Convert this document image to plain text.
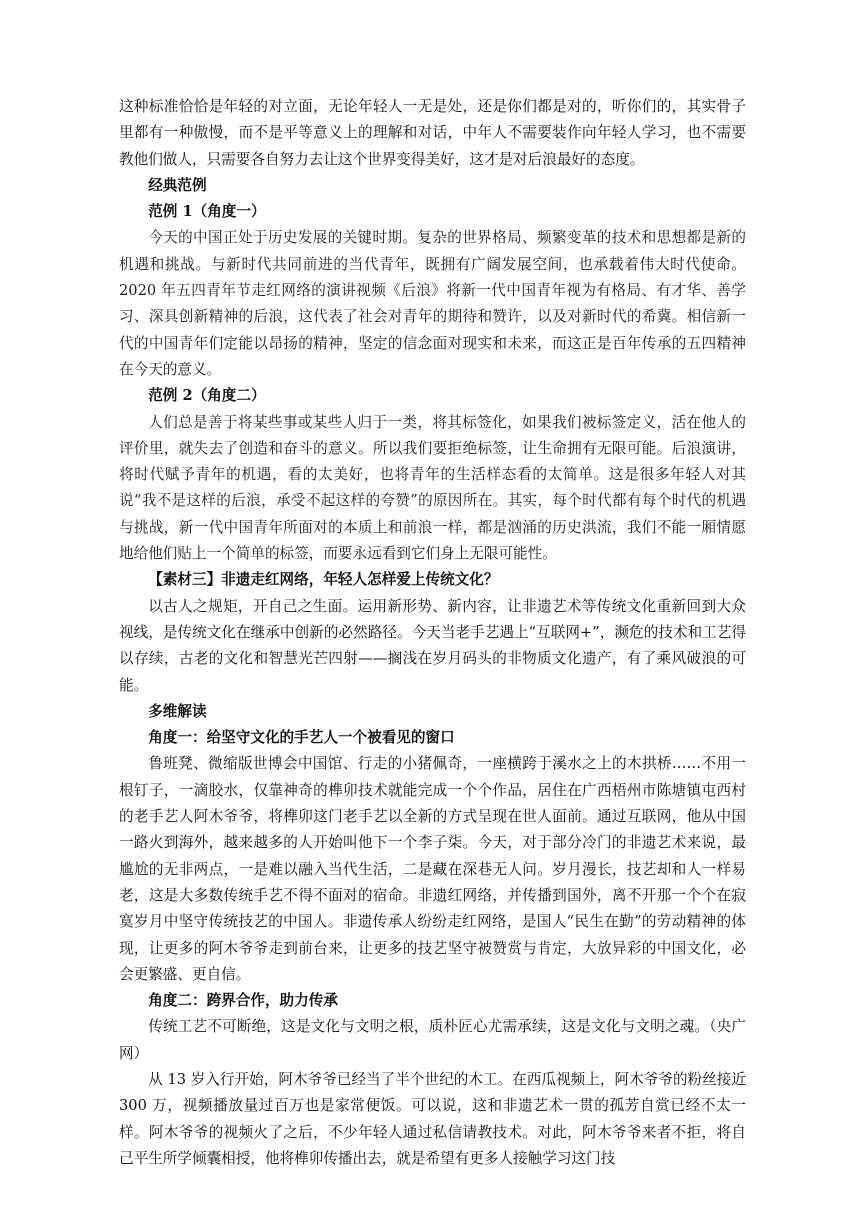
这种标准恰恰是年轻的对立面，无论年轻人一无是处，还是你们都是对的，听你们的，其实骨子里都有一种傲慢，而不是平等意义上的理解和对话，中年人不需要装作向年轻人学习，也不需要教他们做人，只需要各自努力去让这个世界变得美好，这才是对后浪最好的态度。

经典范例

范例 1（角度一）

今天的中国正处于历史发展的关键时期。复杂的世界格局、频繁变革的技术和思想都是新的机遇和挑战。与新时代共同前进的当代青年，既拥有广阔发展空间，也承载着伟大时代使命。2020 年五四青年节走红网络的演讲视频《后浪》将新一代中国青年视为有格局、有才华、善学习、深具创新精神的后浪，这代表了社会对青年的期待和赞许，以及对新时代的希冀。相信新一代的中国青年们定能以昂扬的精神，坚定的信念面对现实和未来，而这正是百年传承的五四精神在今天的意义。

范例 2（角度二）

人们总是善于将某些事或某些人归于一类，将其标签化，如果我们被标签定义，活在他人的评价里，就失去了创造和奋斗的意义。所以我们要拒绝标签，让生命拥有无限可能。后浪演讲，将时代赋予青年的机遇，看的太美好，也将青年的生活样态看的太简单。这是很多年轻人对其说“我不是这样的后浪，承受不起这样的夸赞”的原因所在。其实，每个时代都有每个时代的机遇与挑战，新一代中国青年所面对的本质上和前浪一样，都是汹涌的历史洪流，我们不能一厢情愿地给他们贴上一个简单的标签，而要永远看到它们身上无限可能性。

【素材三】非遗走红网络，年轻人怎样爱上传统文化？

以古人之规矩，开自己之生面。运用新形势、新内容，让非遗艺术等传统文化重新回到大众视线，是传统文化在继承中创新的必然路径。今天当老手艺遇上“互联网+”，濒危的技术和工艺得以存续，古老的文化和智慧光芒四射——搁浅在岁月码头的非物质文化遗产，有了乘风破浪的可能。

多维解读

角度一：给坚守文化的手艺人一个被看见的窗口

鲁班凳、微缩版世博会中国馆、行走的小猪佩奇，一座横跨于溪水之上的木拱桥……不用一根钉子，一滴胶水，仅靠神奇的榫卯技术就能完成一个个作品，居住在广西梧州市陈塘镇屯西村的老手艺人阿木爷爷，将榫卯这门老手艺以全新的方式呈现在世人面前。通过互联网，他从中国一路火到海外，越来越多的人开始叫他下一个李子柒。今天，对于部分冷门的非遗艺术来说，最尴尬的无非两点，一是难以融入当代生活，二是藏在深巷无人问。岁月漫长，技艺却和人一样易老，这是大多数传统手艺不得不面对的宿命。非遗红网络，并传播到国外，离不开那一个个在寂寞岁月中坚守传统技艺的中国人。非遗传承人纷纷走红网络，是国人“民生在勤”的劳动精神的体现，让更多的阿木爷爷走到前台来，让更多的技艺坚守被赞赏与肯定，大放异彩的中国文化，必会更繁盛、更自信。

角度二：跨界合作，助力传承

传统工艺不可断绝，这是文化与文明之根，质朴匠心尤需承续，这是文化与文明之魂。（央广网）

从 13 岁入行开始，阿木爷爷已经当了半个世纪的木工。在西瓜视频上，阿木爷爷的粉丝接近 300 万，视频播放量过百万也是家常便饭。可以说，这和非遗艺术一贯的孤芳自赏已经不太一样。阿木爷爷的视频火了之后，不少年轻人通过私信请教技术。对此，阿木爷爷来者不拒，将自己平生所学倾囊相授，他将榫卯传播出去，就是希望有更多人接触学习这门技
